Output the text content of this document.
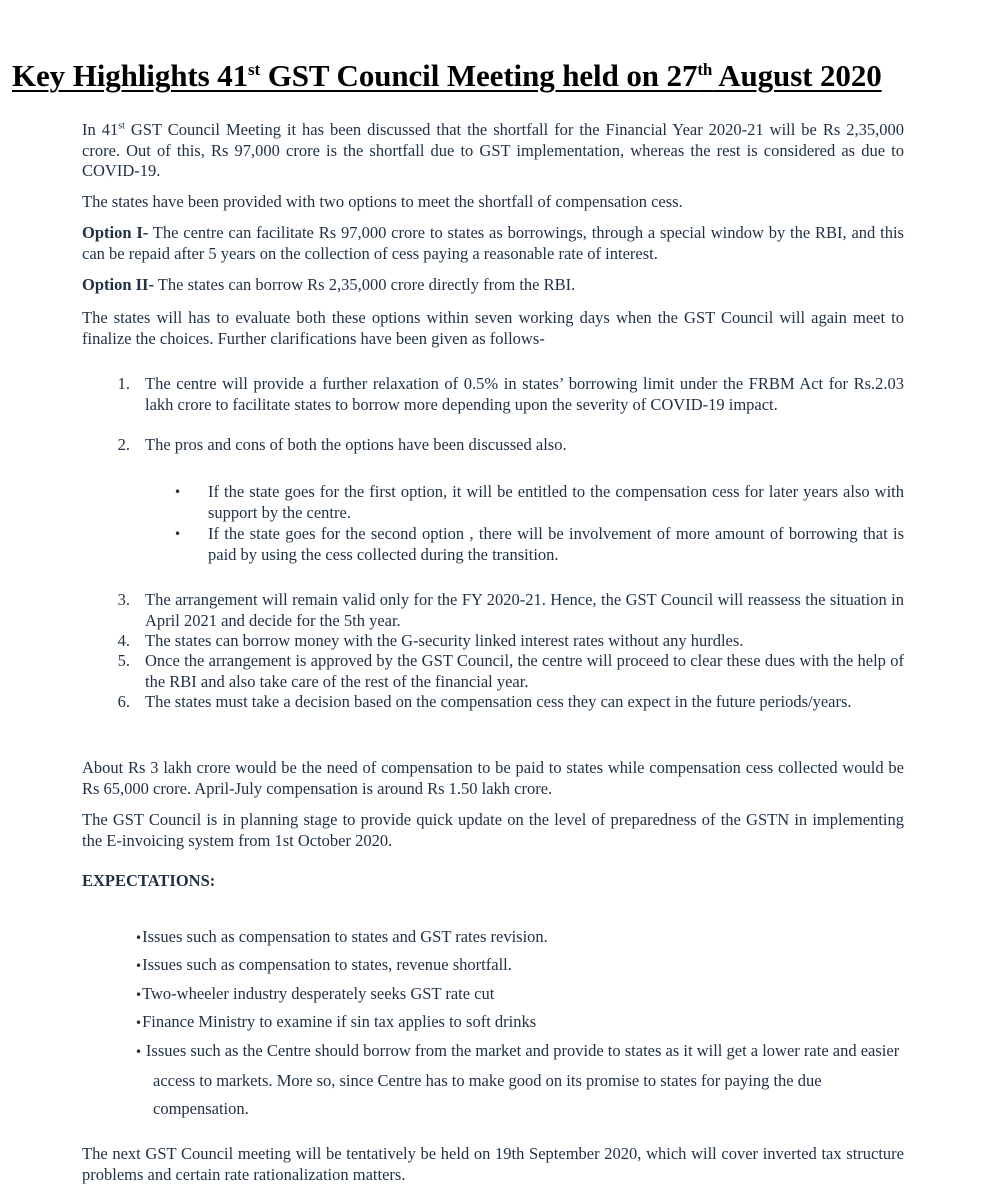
Key Highlights 41st GST Council Meeting held on 27th August 2020

In 41st GST Council Meeting it has been discussed that the shortfall for the Financial Year 2020-21 will be Rs 2,35,000 crore. Out of this, Rs 97,000 crore is the shortfall due to GST implementation, whereas the rest is considered as due to COVID-19.

The states have been provided with two options to meet the shortfall of compensation cess.

Option I- The centre can facilitate Rs 97,000 crore to states as borrowings, through a special window by the RBI, and this can be repaid after 5 years on the collection of cess paying a reasonable rate of interest.

Option II- The states can borrow Rs 2,35,000 crore directly from the RBI.

The states will has to evaluate both these options within seven working days when the GST Council will again meet to finalize the choices. Further clarifications have been given as follows-

1. The centre will provide a further relaxation of 0.5% in states’ borrowing limit under the FRBM Act for Rs.2.03 lakh crore to facilitate states to borrow more depending upon the severity of COVID-19 impact.

2. The pros and cons of both the options have been discussed also.

• If the state goes for the first option, it will be entitled to the compensation cess for later years also with support by the centre.

• If the state goes for the second option , there will be involvement of more amount of borrowing that is paid by using the cess collected during the transition.

3. The arrangement will remain valid only for the FY 2020-21. Hence, the GST Council will reassess the situation in April 2021 and decide for the 5th year.

4. The states can borrow money with the G-security linked interest rates without any hurdles.

5. Once the arrangement is approved by the GST Council, the centre will proceed to clear these dues with the help of the RBI and also take care of the rest of the financial year.

6. The states must take a decision based on the compensation cess they can expect in the future periods/years.

About Rs 3 lakh crore would be the need of compensation to be paid to states while compensation cess collected would be Rs 65,000 crore. April-July compensation is around Rs 1.50 lakh crore.

The GST Council is in planning stage to provide quick update on the level of preparedness of the GSTN in implementing the E-invoicing system from 1st October 2020.

EXPECTATIONS:

•Issues such as compensation to states and GST rates revision.

•Issues such as compensation to states, revenue shortfall.

•Two-wheeler industry desperately seeks GST rate cut

•Finance Ministry to examine if sin tax applies to soft drinks

• Issues such as the Centre should borrow from the market and provide to states as it will get a lower rate and easier access to markets. More so, since Centre has to make good on its promise to states for paying the due compensation.

The next GST Council meeting will be tentatively be held on 19th September 2020, which will cover inverted tax structure problems and certain rate rationalization matters.
